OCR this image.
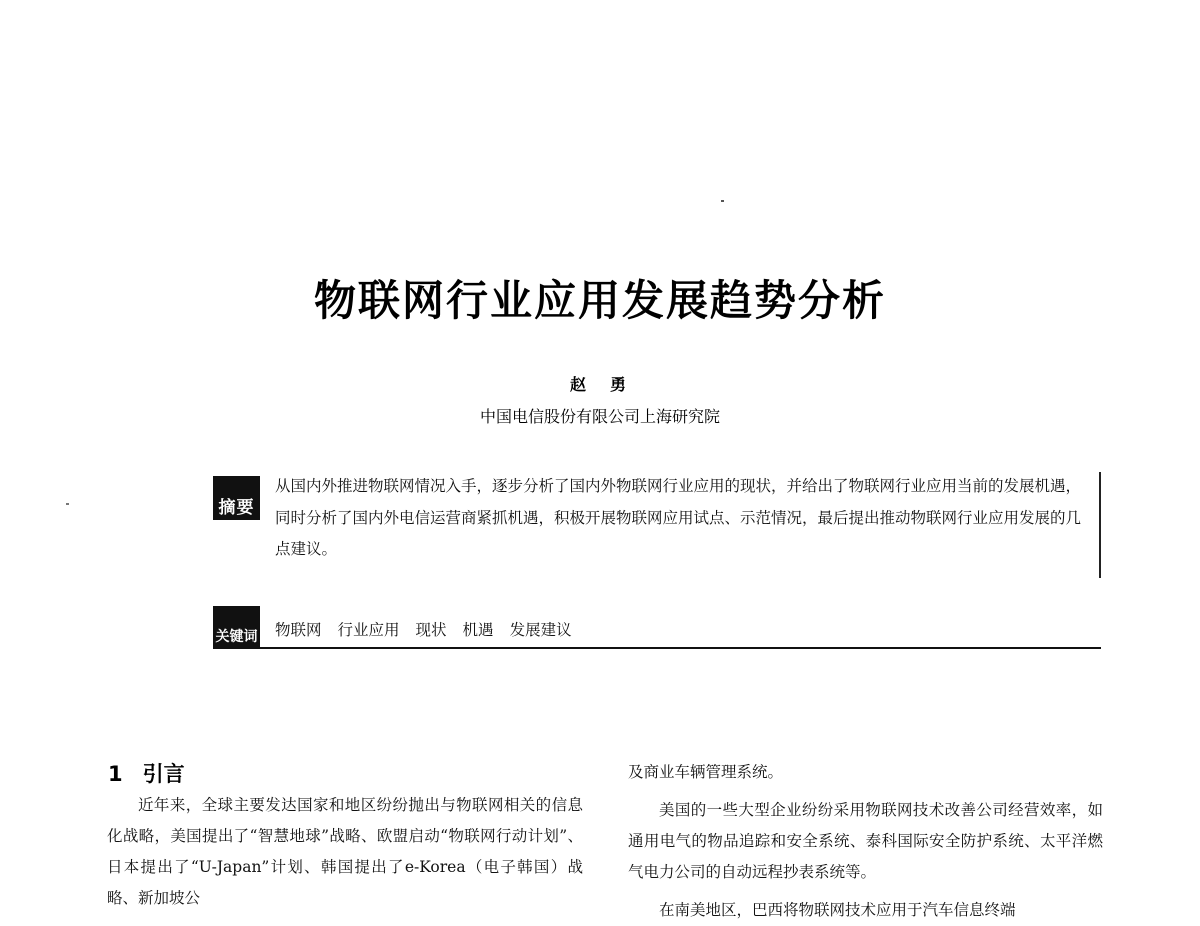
物联网行业应用发展趋势分析
赵　勇
中国电信股份有限公司上海研究院
摘要
从国内外推进物联网情况入手，逐步分析了国内外物联网行业应用的现状，并给出了物联网行业应用当前的发展机遇，同时分析了国内外电信运营商紧抓机遇，积极开展物联网应用试点、示范情况，最后提出推动物联网行业应用发展的几点建议。
关键词 物联网 行业应用 现状 机遇 发展建议
1 引言

近年来，全球主要发达国家和地区纷纷抛出与物联网相关的信息化战略，美国提出了“智慧地球”战略、欧盟启动“物联网行动计划”、日本提出了“U-Japan”计划、韩国提出了e-Korea（电子韩国）战略、新加坡公

及商业车辆管理系统。

美国的一些大型企业纷纷采用物联网技术改善公司经营效率，如通用电气的物品追踪和安全系统、泰科国际安全防护系统、太平洋燃气电力公司的自动远程抄表系统等。

在南美地区，巴西将物联网技术应用于汽车信息终端
